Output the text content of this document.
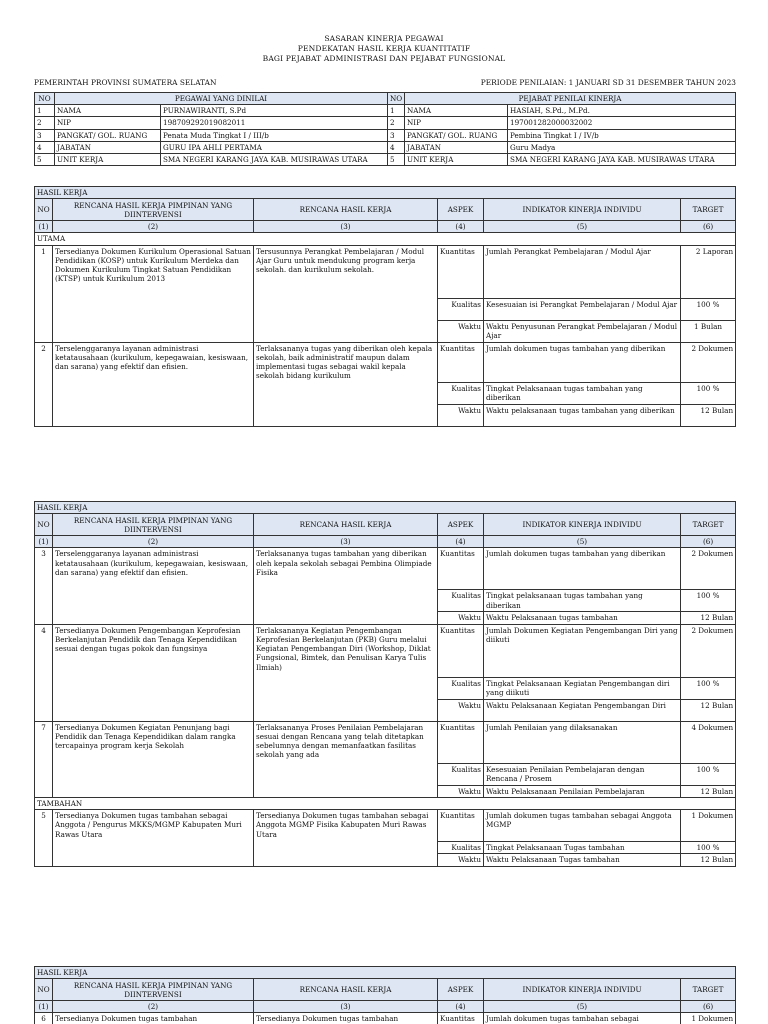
SASARAN KINERJA PEGAWAI
PENDEKATAN HASIL KERJA KUANTITATIF
BAGI PEJABAT ADMINISTRASI DAN PEJABAT FUNGSIONAL
PEMERINTAH PROVINSI SUMATERA SELATAN	PERIODE PENILAIAN: 1 JANUARI SD 31 DESEMBER TAHUN 2023
NO	PEGAWAI YANG DINILAI		NO	PEJABAT PENILAI KINERJA	
1	NAMA	PURNAWIRANTI, S.Pd	1	NAMA	HASIAH, S.Pd., M.Pd.
2	NIP	198709292019082011	2	NIP	197001282000032002
3	PANGKAT/ GOL. RUANG	Penata Muda Tingkat I / III/b	3	PANGKAT/ GOL. RUANG	Pembina Tingkat I / IV/b
4	JABATAN	GURU IPA AHLI PERTAMA	4	JABATAN	Guru Madya
5	UNIT KERJA	SMA NEGERI KARANG JAYA KAB. MUSIRAWAS UTARA	5	UNIT KERJA	SMA NEGERI KARANG JAYA KAB. MUSIRAWAS UTARA
HASIL KERJA					
NO	RENCANA HASIL KERJA PIMPINAN YANG DIINTERVENSI	RENCANA HASIL KERJA	ASPEK	INDIKATOR KINERJA INDIVIDU	TARGET
(1)	(2)	(3)	(4)	(5)	(6)
UTAMA					
1	Tersedianya Dokumen Kurikulum Operasional Satuan Pendidikan (KOSP) untuk Kurikulum Merdeka dan Dokumen Kurikulum Tingkat Satuan Pendidikan (KTSP) untuk Kurikulum 2013	Tersusunnya Perangkat Pembelajaran / Modul Ajar Guru untuk mendukung program kerja sekolah. dan kurikulum sekolah.	Kuantitas	Jumlah Perangkat Pembelajaran / Modul Ajar	2 Laporan
			Kualitas	Kesesuaian isi Perangkat Pembelajaran / Modul Ajar	100 %
			Waktu	Waktu Penyusunan Perangkat Pembelajaran / Modul Ajar	1 Bulan
2	Terselenggaranya layanan administrasi ketatausahaan (kurikulum, kepegawaian, kesiswaan, dan sarana) yang efektif dan efisien.	Terlaksananya tugas yang diberikan oleh kepala sekolah, baik administratif maupun dalam implementasi tugas sebagai wakil kepala sekolah bidang kurikulum	Kuantitas	Jumlah dokumen tugas tambahan yang diberikan	2 Dokumen
			Kualitas	Tingkat Pelaksanaan tugas tambahan yang diberikan	100 %
			Waktu	Waktu pelaksanaan tugas tambahan yang diberikan	12 Bulan
HASIL KERJA					
NO	RENCANA HASIL KERJA PIMPINAN YANG DIINTERVENSI	RENCANA HASIL KERJA	ASPEK	INDIKATOR KINERJA INDIVIDU	TARGET
(1)	(2)	(3)	(4)	(5)	(6)
3	Terselenggaranya layanan administrasi ketatausahaan (kurikulum, kepegawaian, kesiswaan, dan sarana) yang efektif dan efisien.	Terlaksananya tugas tambahan yang diberikan oleh kepala sekolah sebagai Pembina Olimpiade Fisika	Kuantitas	Jumlah dokumen tugas tambahan yang diberikan	2 Dokumen
			Kualitas	Tingkat pelaksanaan tugas tambahan yang diberikan	100 %
			Waktu	Waktu Pelaksanaan tugas tambahan	12 Bulan
4	Tersedianya Dokumen Pengembangan Keprofesian Berkelanjutan Pendidik dan Tenaga Kependidikan sesuai dengan tugas pokok dan fungsinya	Terlaksananya Kegiatan Pengembangan Keprofesian Berkelanjutan (PKB) Guru melalui Kegiatan Pengembangan Diri (Workshop, Diklat Fungsional, Bimtek, dan Penulisan Karya Tulis Ilmiah)	Kuantitas	Jumlah Dokumen Kegiatan Pengembangan Diri yang diikuti	2 Dokumen
			Kualitas	Tingkat Pelaksanaan Kegiatan Pengembangan diri yang diikuti	100 %
			Waktu	Waktu Pelaksanaan Kegiatan Pengembangan Diri	12 Bulan
7	Tersedianya Dokumen Kegiatan Penunjang bagi Pendidik dan Tenaga Kependidikan dalam rangka tercapainya program kerja Sekolah	Terlaksananya Proses Penilaian Pembelajaran sesuai dengan Rencana yang telah ditetapkan sebelumnya dengan memanfaatkan fasilitas sekolah yang ada	Kuantitas	Jumlah Penilaian yang dilaksanakan	4 Dokumen
			Kualitas	Kesesuaian Penilaian Pembelajaran dengan Rencana / Prosem	100 %
			Waktu	Waktu Pelaksanaan Penilaian Pembelajaran	12 Bulan
TAMBAHAN					
5	Tersedianya Dokumen tugas tambahan sebagai Anggota / Pengurus MKKS/MGMP Kabupaten Muri Rawas Utara	Tersedianya Dokumen tugas tambahan sebagai Anggota MGMP Fisika Kabupaten Muri Rawas Utara	Kuantitas	Jumlah dokumen tugas tambahan sebagai Anggota MGMP	1 Dokumen
			Kualitas	Tingkat Pelaksanaan Tugas tambahan	100 %
			Waktu	Waktu Pelaksanaan Tugas tambahan	12 Bulan
HASIL KERJA					
NO	RENCANA HASIL KERJA PIMPINAN YANG DIINTERVENSI	RENCANA HASIL KERJA	ASPEK	INDIKATOR KINERJA INDIVIDU	TARGET
(1)	(2)	(3)	(4)	(5)	(6)
6	Tersedianya Dokumen tugas tambahan	Tersedianya Dokumen tugas tambahan	Kuantitas	Jumlah dokumen tugas tambahan sebagai	1 Dokumen
